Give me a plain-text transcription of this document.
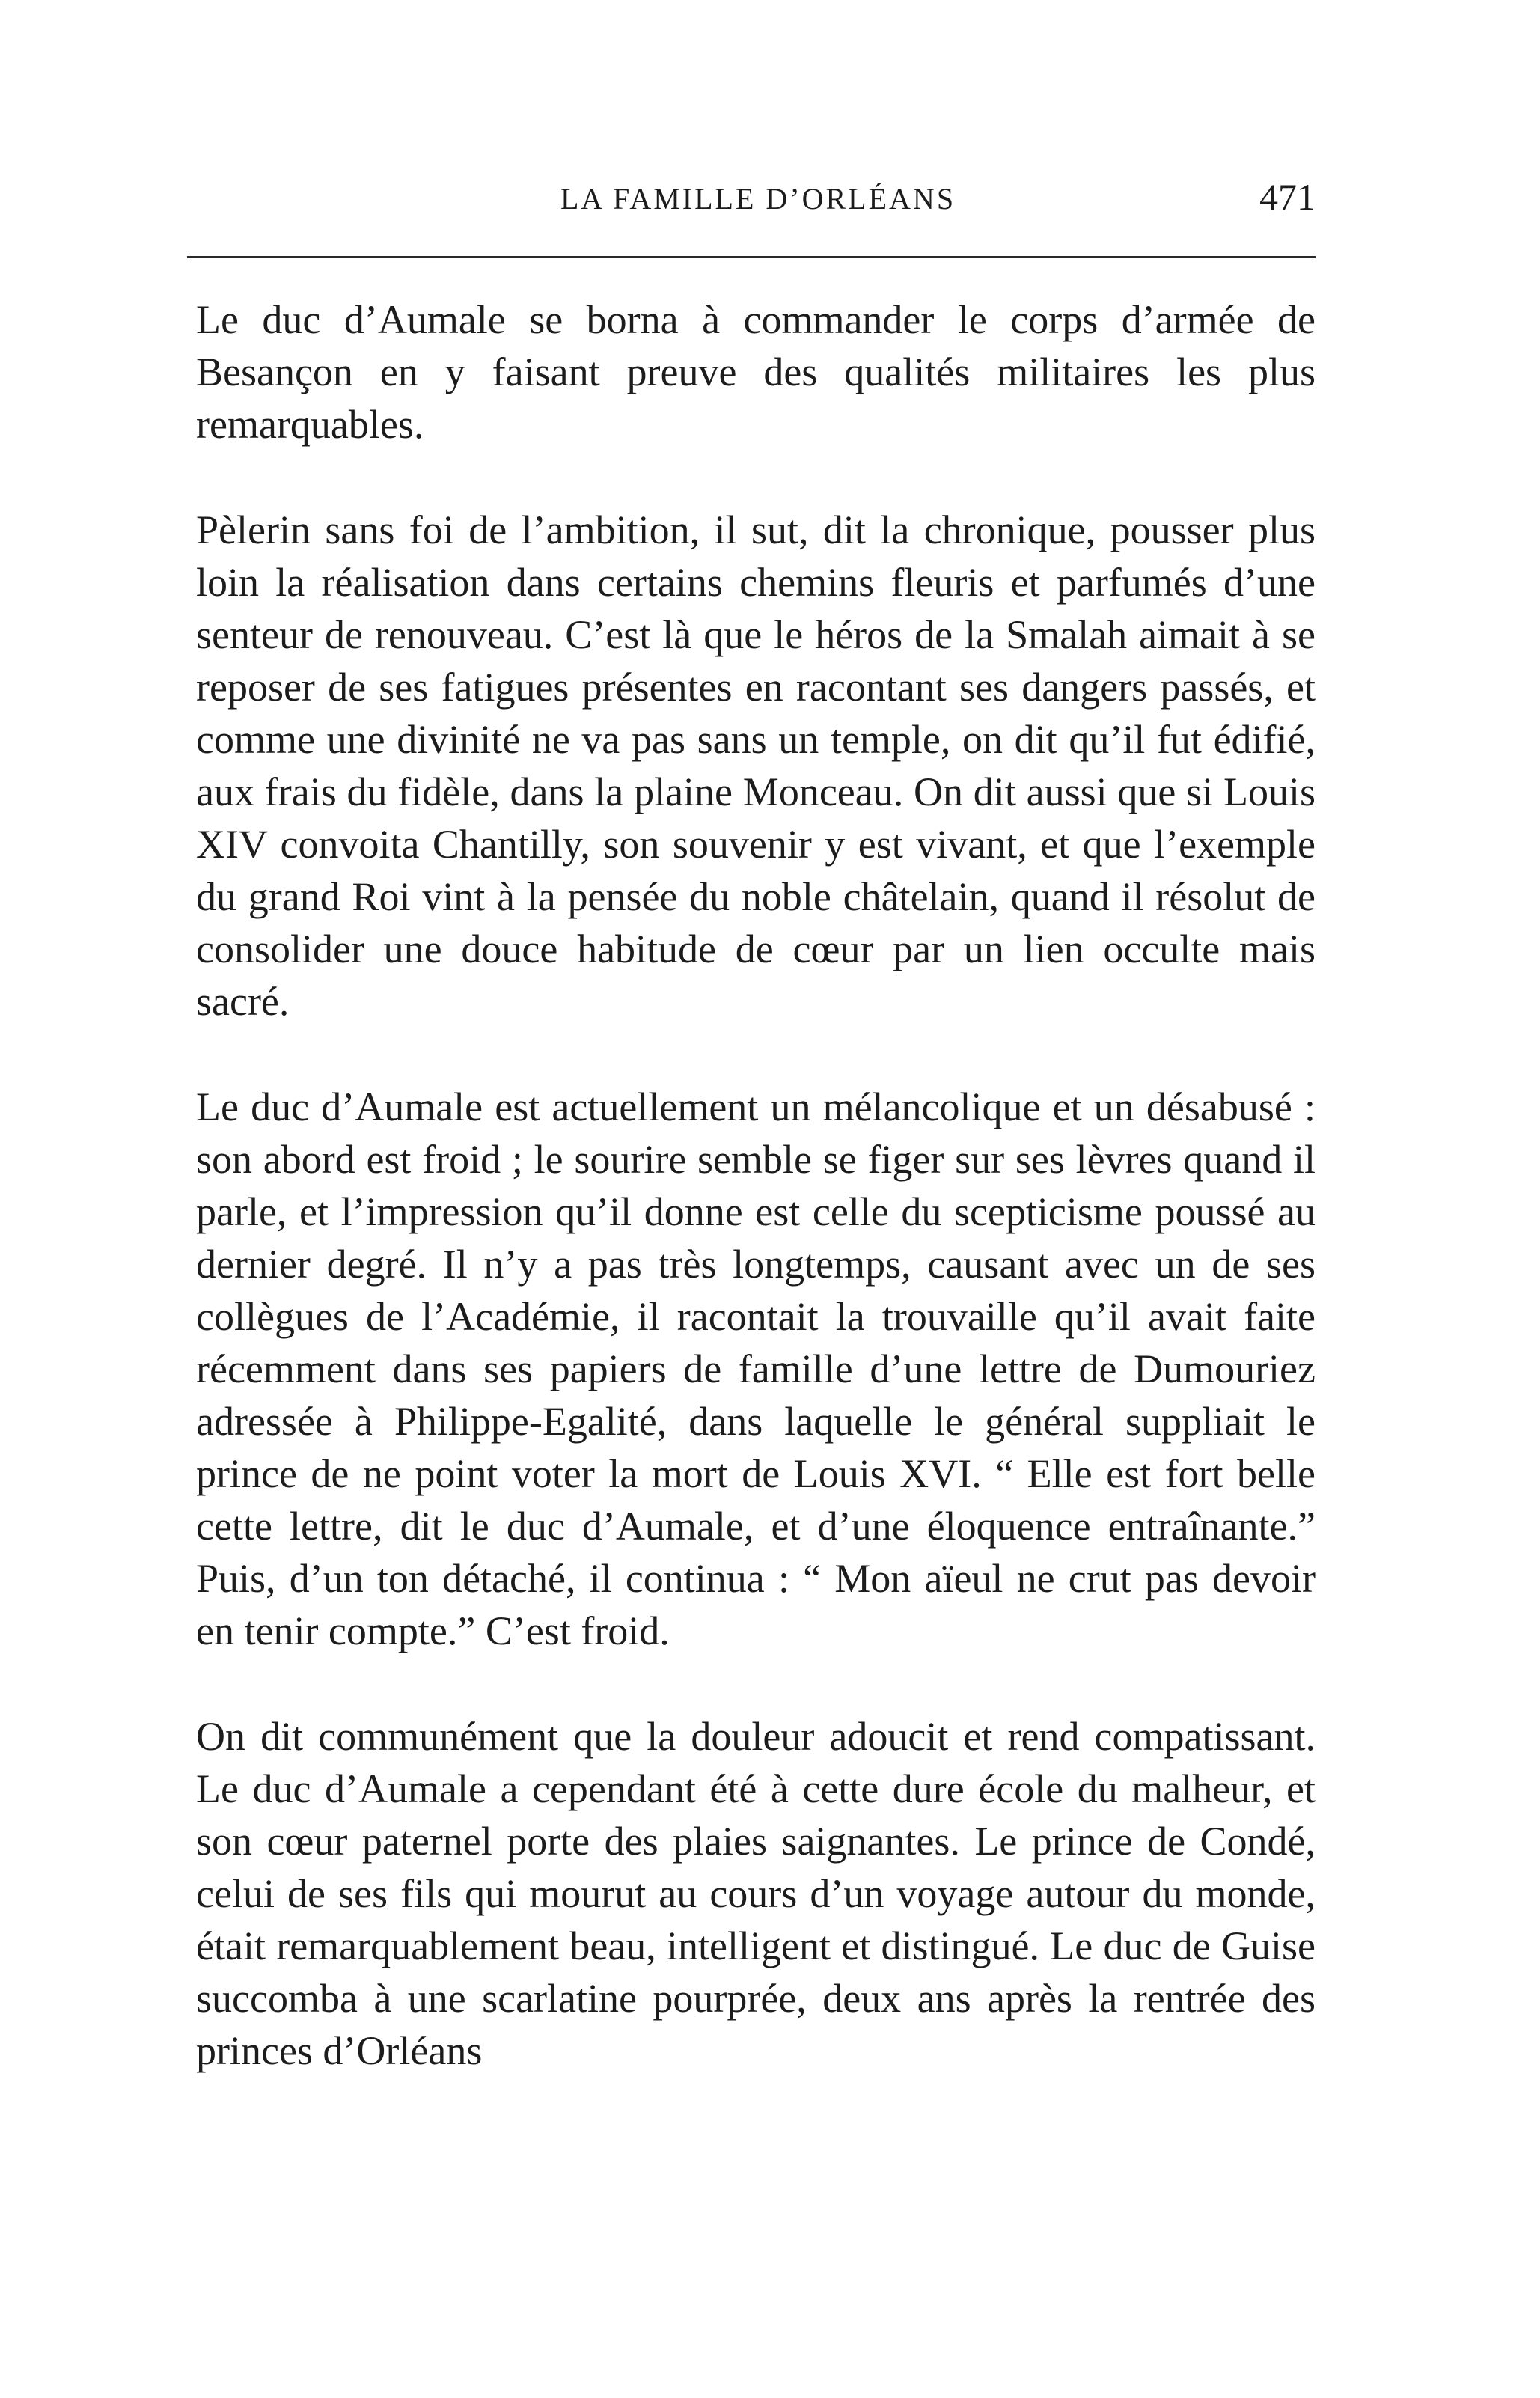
LA FAMILLE D’ORLÉANS	471

Le duc d’Aumale se borna à commander le corps d’armée de Besançon en y faisant preuve des qualités militaires les plus remarquables.

Pèlerin sans foi de l’ambition, il sut, dit la chronique, pousser plus loin la réalisation dans certains chemins fleuris et parfumés d’une senteur de renouveau. C’est là que le héros de la Smalah aimait à se reposer de ses fatigues présentes en racontant ses dangers passés, et comme une divinité ne va pas sans un temple, on dit qu’il fut édifié, aux frais du fidèle, dans la plaine Monceau. On dit aussi que si Louis XIV convoita Chantilly, son souvenir y est vivant, et que l’exemple du grand Roi vint à la pensée du noble châtelain, quand il résolut de consolider une douce habitude de cœur par un lien occulte mais sacré.

Le duc d’Aumale est actuellement un mélancolique et un désabusé : son abord est froid ; le sourire semble se figer sur ses lèvres quand il parle, et l’impression qu’il donne est celle du scepticisme poussé au dernier degré. Il n’y a pas très longtemps, causant avec un de ses collègues de l’Académie, il racontait la trouvaille qu’il avait faite récemment dans ses papiers de famille d’une lettre de Dumouriez adressée à Philippe-Egalité, dans laquelle le général suppliait le prince de ne point voter la mort de Louis XVI. “ Elle est fort belle cette lettre, dit le duc d’Aumale, et d’une éloquence entraînante.” Puis, d’un ton détaché, il continua : “ Mon aïeul ne crut pas devoir en tenir compte.” C’est froid.

On dit communément que la douleur adoucit et rend compatissant. Le duc d’Aumale a cependant été à cette dure école du malheur, et son cœur paternel porte des plaies saignantes. Le prince de Condé, celui de ses fils qui mourut au cours d’un voyage autour du monde, était remarquablement beau, intelligent et distingué. Le duc de Guise succomba à une scarlatine pourprée, deux ans après la rentrée des princes d’Orléans
